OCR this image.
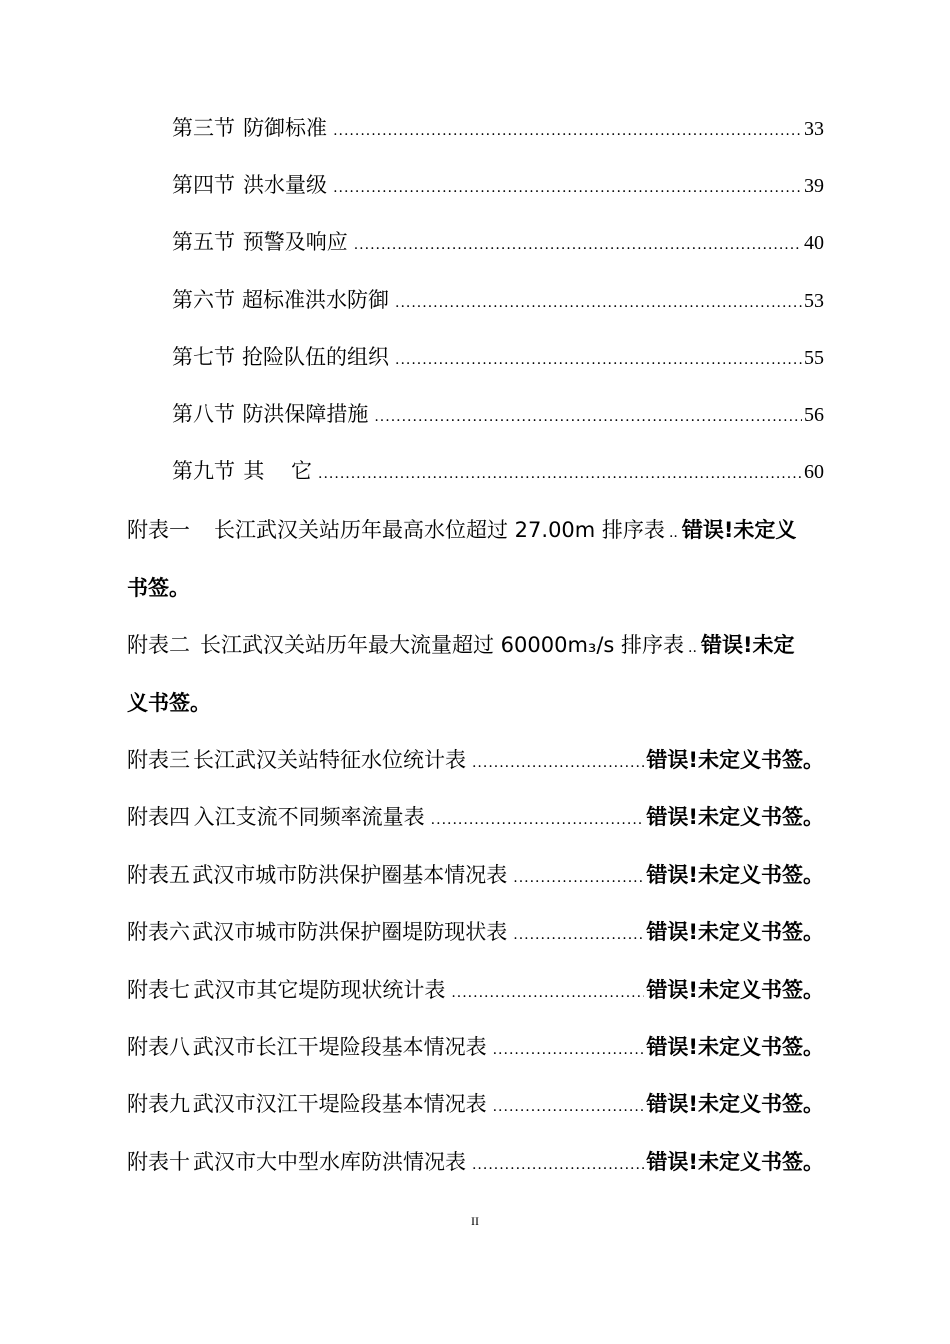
第三节 防御标准 .....	33
第四节 洪水量级 .....	39
第五节 预警及响应 .....	40
第六节 超标准洪水防御 .....	53
第七节 抢险队伍的组织 .....	55
第八节 防洪保障措施 .....	56
第九节 其    它 .....	60
附表一 长江武汉关站历年最高水位超过 27.00m 排序表 .. 错误!未定义
书签。
附表二 长江武汉关站历年最大流量超过 60000m₃/s 排序表 .. 错误!未定
义书签。
附表三 长江武汉关站特征水位统计表 .....	错误!未定义书签。
附表四 入江支流不同频率流量表 .....	错误!未定义书签。
附表五 武汉市城市防洪保护圈基本情况表 .....	错误!未定义书签。
附表六 武汉市城市防洪保护圈堤防现状表 .....	错误!未定义书签。
附表七 武汉市其它堤防现状统计表 .....	错误!未定义书签。
附表八 武汉市长江干堤险段基本情况表 .....	错误!未定义书签。
附表九 武汉市汉江干堤险段基本情况表 .....	错误!未定义书签。
附表十 武汉市大中型水库防洪情况表 .....	错误!未定义书签。
II
